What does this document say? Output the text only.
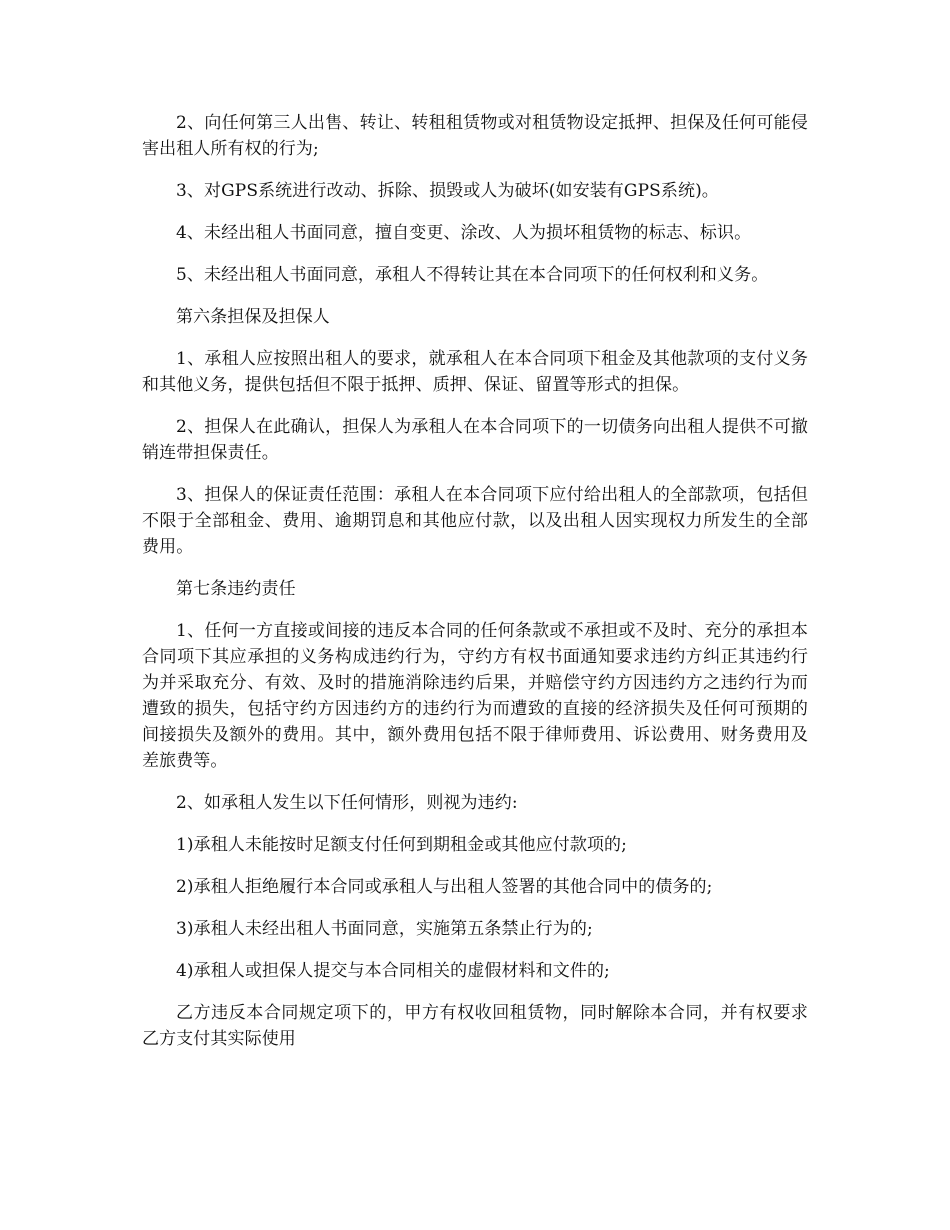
2、向任何第三人出售、转让、转租租赁物或对租赁物设定抵押、担保及任何可能侵害出租人所有权的行为;

3、对GPS系统进行改动、拆除、损毁或人为破坏(如安装有GPS系统)。

4、未经出租人书面同意，擅自变更、涂改、人为损坏租赁物的标志、标识。

5、未经出租人书面同意，承租人不得转让其在本合同项下的任何权利和义务。

第六条担保及担保人

1、承租人应按照出租人的要求，就承租人在本合同项下租金及其他款项的支付义务和其他义务，提供包括但不限于抵押、质押、保证、留置等形式的担保。

2、担保人在此确认，担保人为承租人在本合同项下的一切债务向出租人提供不可撤销连带担保责任。

3、担保人的保证责任范围：承租人在本合同项下应付给出租人的全部款项，包括但不限于全部租金、费用、逾期罚息和其他应付款，以及出租人因实现权力所发生的全部费用。

第七条违约责任

1、任何一方直接或间接的违反本合同的任何条款或不承担或不及时、充分的承担本合同项下其应承担的义务构成违约行为，守约方有权书面通知要求违约方纠正其违约行为并采取充分、有效、及时的措施消除违约后果，并赔偿守约方因违约方之违约行为而遭致的损失，包括守约方因违约方的违约行为而遭致的直接的经济损失及任何可预期的间接损失及额外的费用。其中，额外费用包括不限于律师费用、诉讼费用、财务费用及差旅费等。

2、如承租人发生以下任何情形，则视为违约:

1)承租人未能按时足额支付任何到期租金或其他应付款项的;

2)承租人拒绝履行本合同或承租人与出租人签署的其他合同中的债务的;

3)承租人未经出租人书面同意，实施第五条禁止行为的;

4)承租人或担保人提交与本合同相关的虚假材料和文件的;

乙方违反本合同规定项下的，甲方有权收回租赁物，同时解除本合同，并有权要求乙方支付其实际使用
